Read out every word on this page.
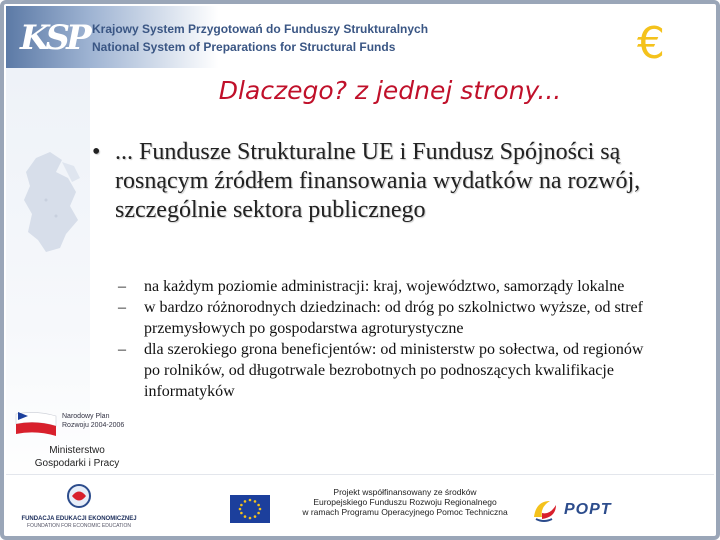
KSP Krajowy System Przygotowań do Funduszy Strukturalnych
National System of Preparations for Structural Funds	€
Dlaczego? z jednej strony...
• ... Fundusze Strukturalne UE i Fundusz Spójności są rosnącym źródłem finansowania wydatków na rozwój, szczególnie sektora publicznego
– na każdym poziomie administracji: kraj, województwo, samorządy lokalne
– w bardzo różnorodnych dziedzinach: od dróg po szkolnictwo wyższe, od stref przemysłowych po gospodarstwa agroturystyczne
– dla szerokiego grona beneficjentów: od ministerstw po sołectwa, od regionów po rolników, od długotrwale bezrobotnych po podnoszących kwalifikacje informatyków
Narodowy Plan
Rozwoju 2004-2006
Ministerstwo
Gospodarki i Pracy
FUNDACJA EDUKACJI EKONOMICZNEJ
FOUNDATION FOR ECONOMIC EDUCATION
Projekt współfinansowany ze środków
Europejskiego Funduszu Rozwoju Regionalnego
w ramach Programu Operacyjnego Pomoc Techniczna	POPT
